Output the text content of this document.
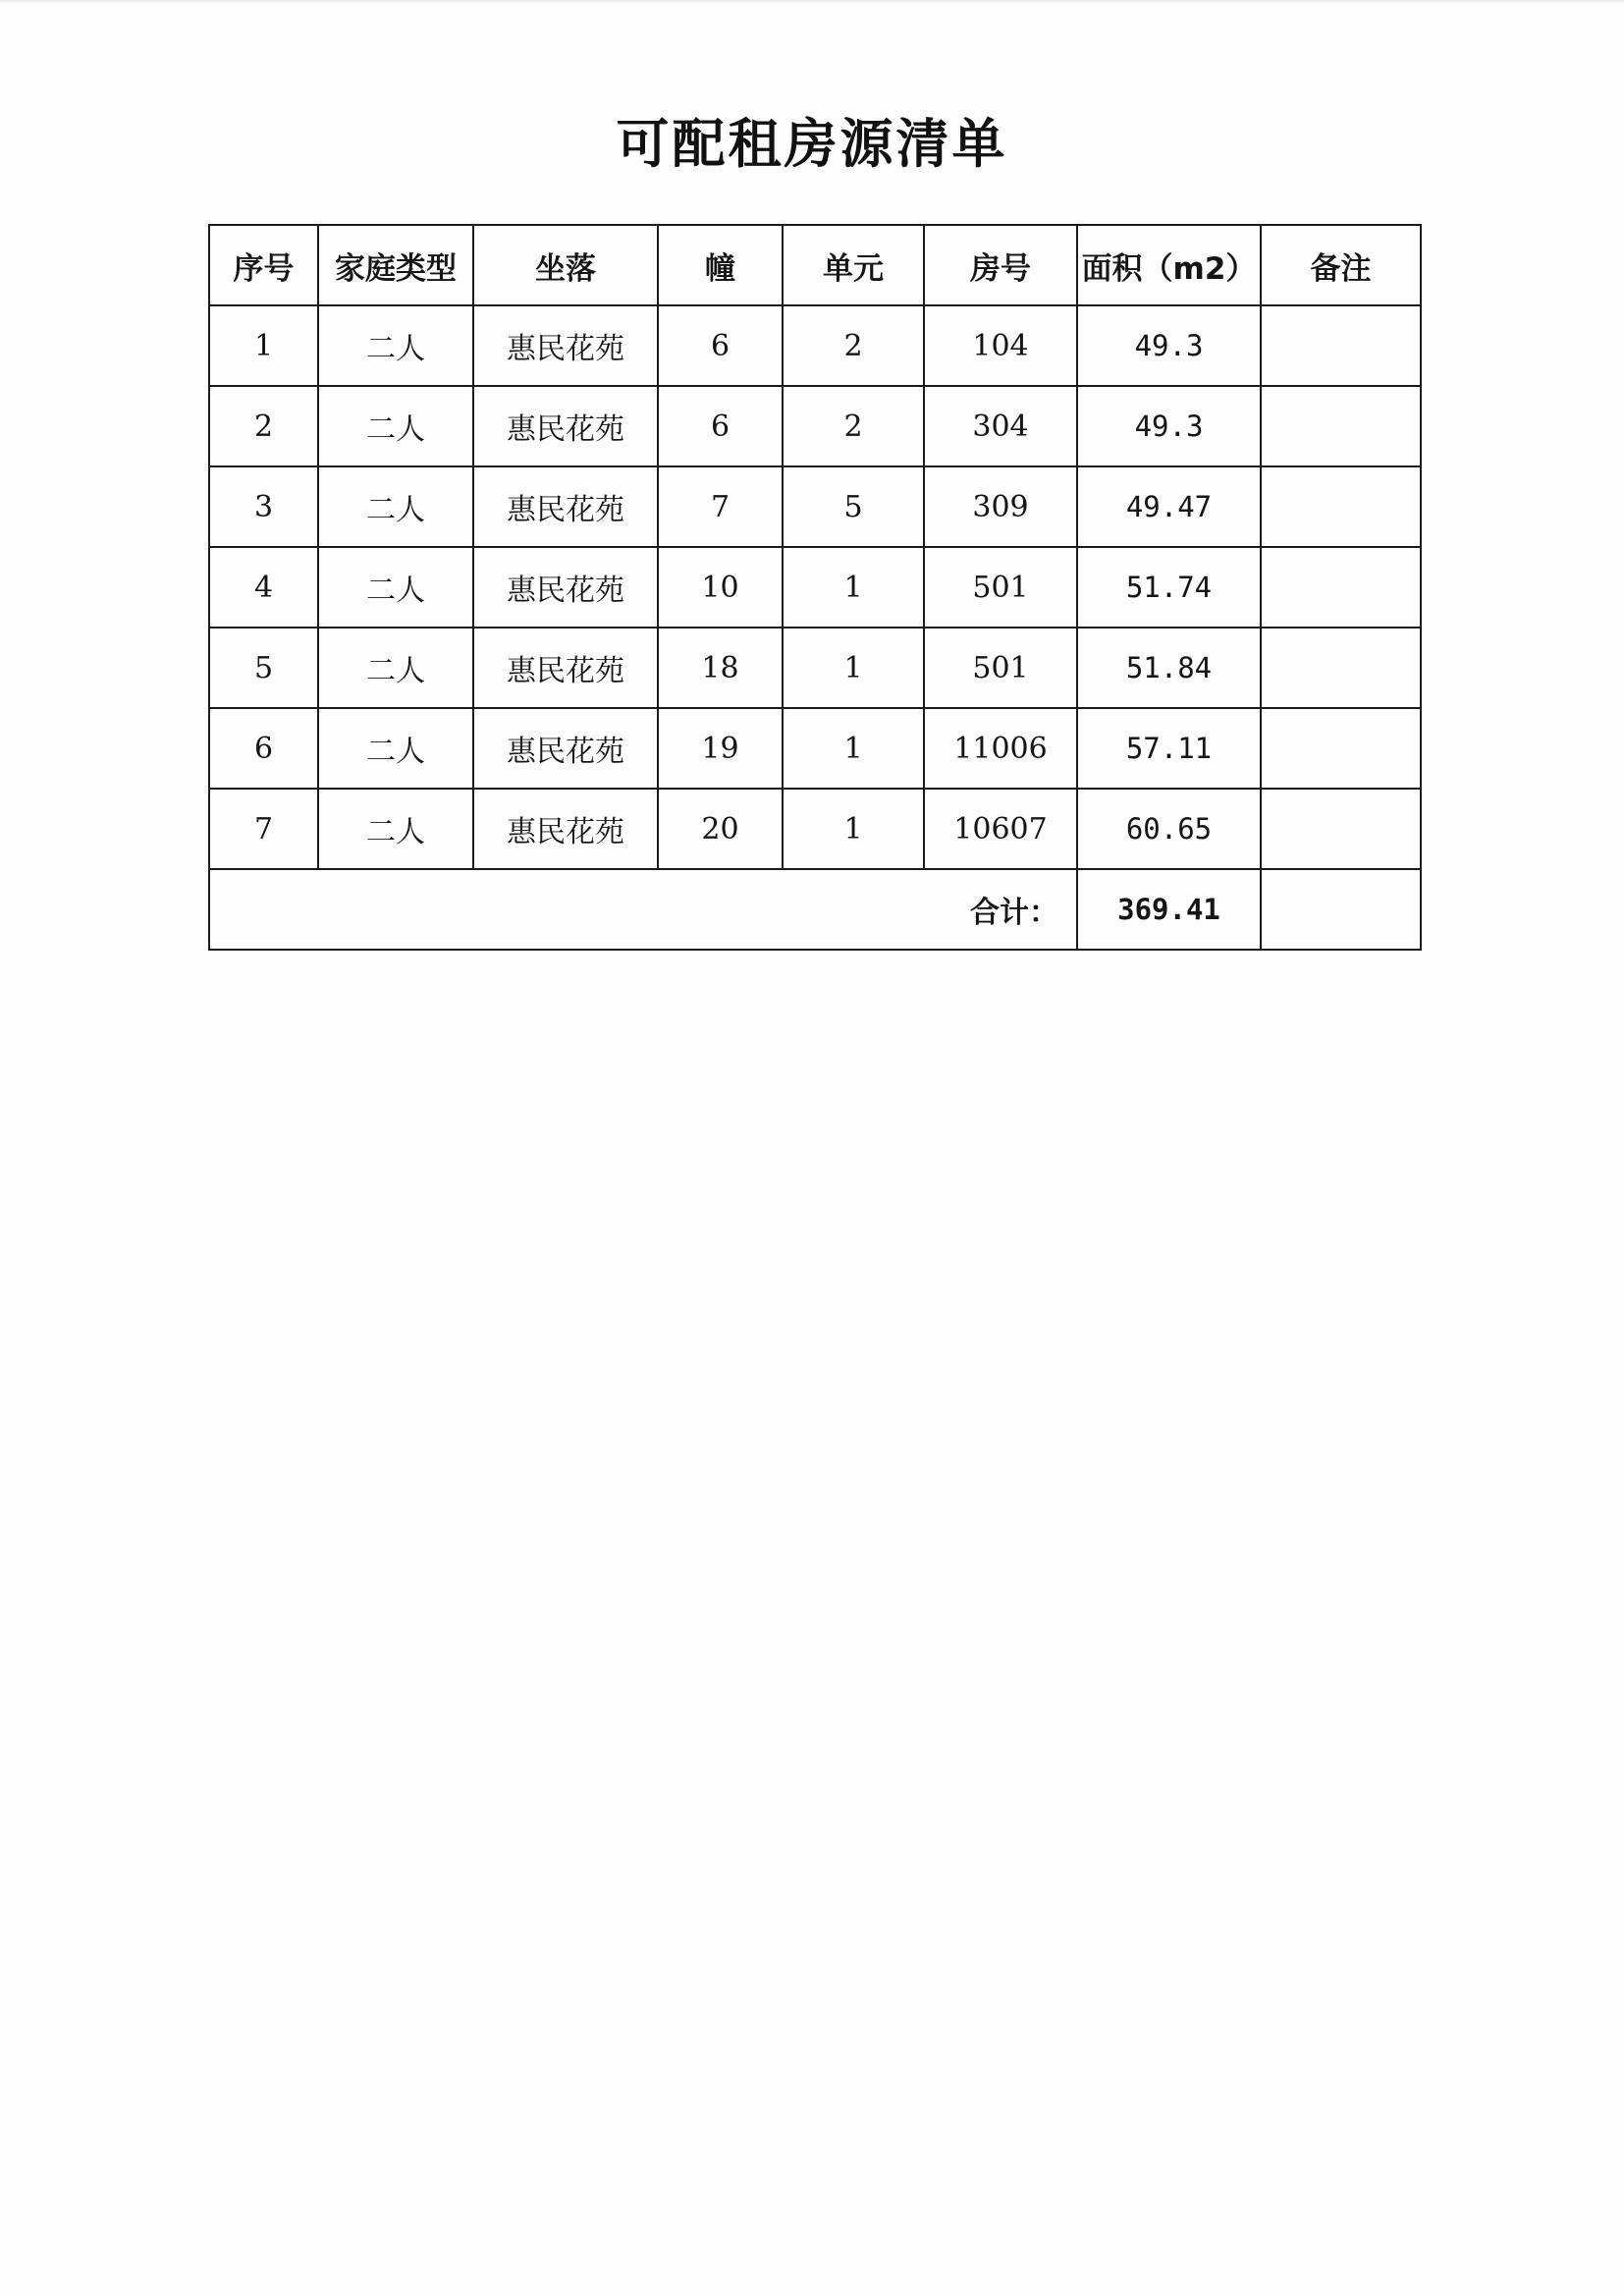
可配租房源清单
序号	家庭类型	坐落	幢	单元	房号	面积（m2）	备注
1	二人	惠民花苑	6	2	104	49.3	
2	二人	惠民花苑	6	2	304	49.3	
3	二人	惠民花苑	7	5	309	49.47	
4	二人	惠民花苑	10	1	501	51.74	
5	二人	惠民花苑	18	1	501	51.84	
6	二人	惠民花苑	19	1	11006	57.11	
7	二人	惠民花苑	20	1	10607	60.65	
合计：						369.41	
